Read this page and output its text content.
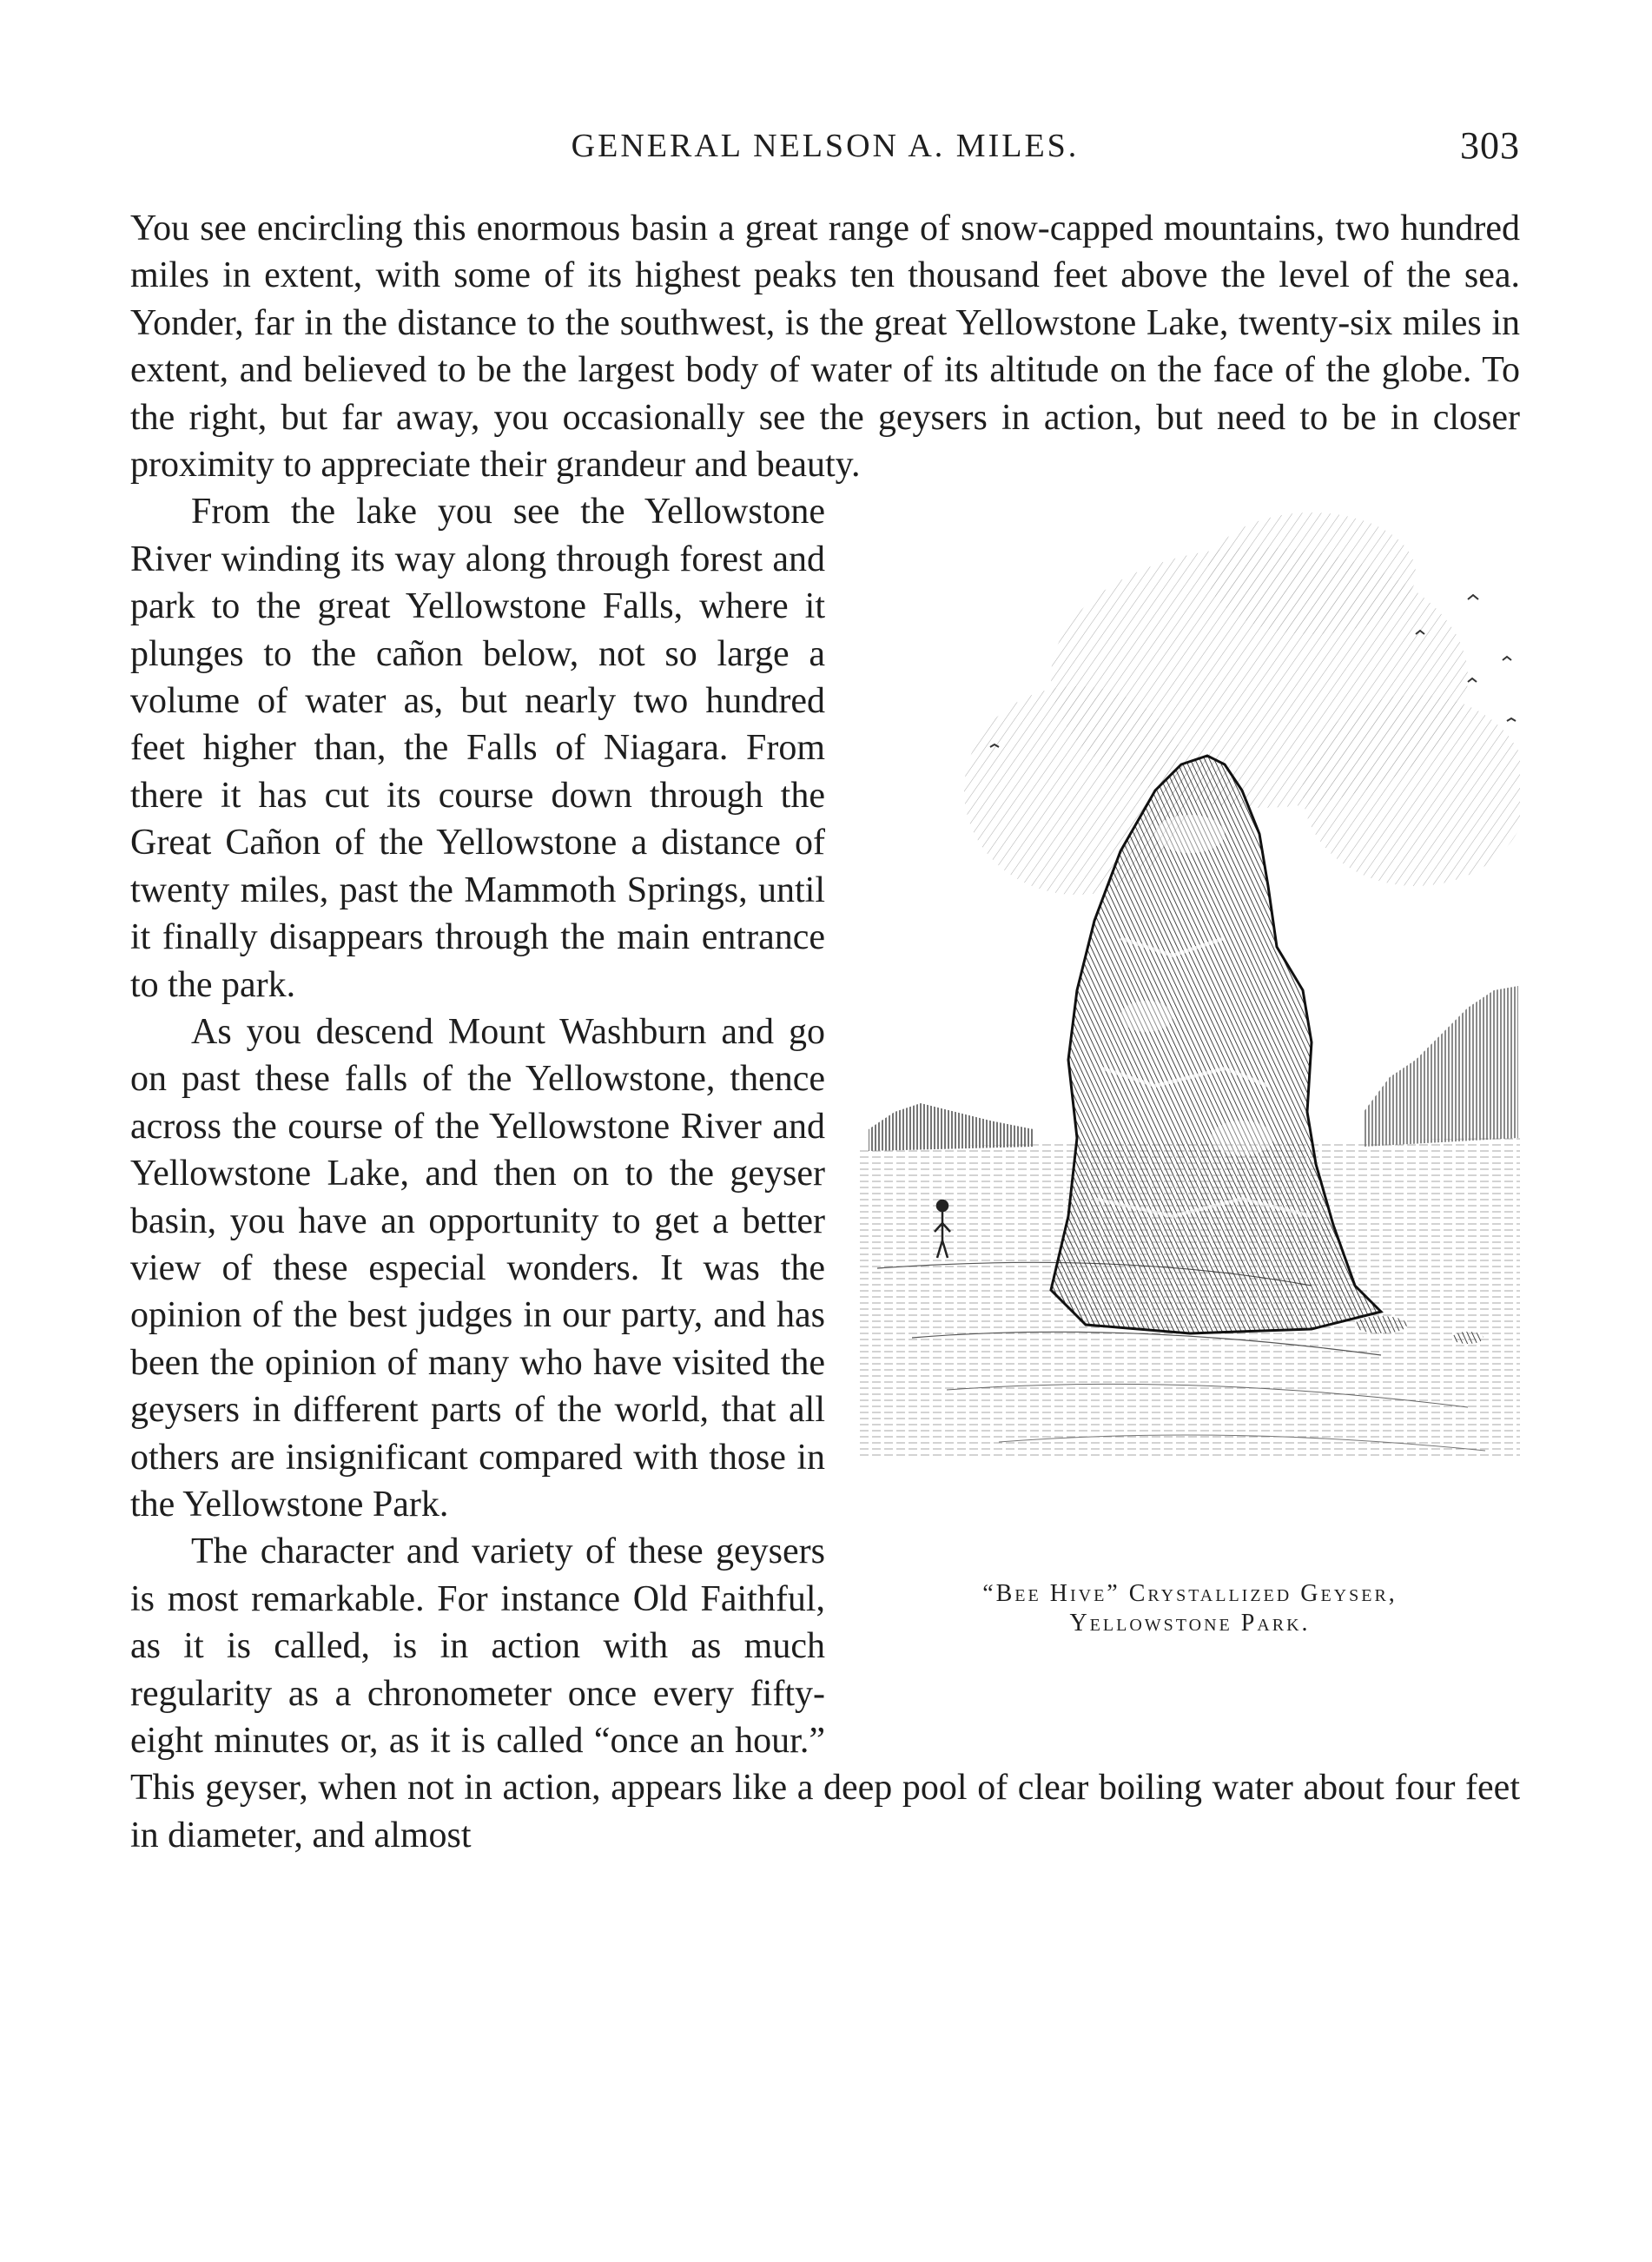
GENERAL NELSON A. MILES.	303

You see encircling this enormous basin a great range of snow-capped mountains, two hundred miles in extent, with some of its highest peaks ten thousand feet above the level of the sea. Yonder, far in the distance to the southwest, is the great Yellowstone Lake, twenty-six miles in extent, and believed to be the largest body of water of its altitude on the face of the globe. To the right, but far away, you occasionally see the geysers in action, but need to be in closer proximity to appreciate their grandeur and beauty.

“Bee Hive” Crystallized Geyser,
Yellowstone Park.

From the lake you see the Yellowstone River winding its way along through forest and park to the great Yellowstone Falls, where it plunges to the cañon below, not so large a volume of water as, but nearly two hundred feet higher than, the Falls of Niagara. From there it has cut its course down through the Great Cañon of the Yellowstone a distance of twenty miles, past the Mammoth Springs, until it finally disappears through the main entrance to the park.

As you descend Mount Washburn and go on past these falls of the Yellowstone, thence across the course of the Yellowstone River and Yellowstone Lake, and then on to the geyser basin, you have an opportunity to get a better view of these especial wonders. It was the opinion of the best judges in our party, and has been the opinion of many who have visited the geysers in different parts of the world, that all others are insignificant compared with those in the Yellowstone Park.

The character and variety of these geysers is most remarkable. For instance Old Faithful, as it is called, is in action with as much regularity as a chronometer once every fifty-eight minutes or, as it is called “once an hour.” This geyser, when not in action, appears like a deep pool of clear boiling water about four feet in diameter, and almost
